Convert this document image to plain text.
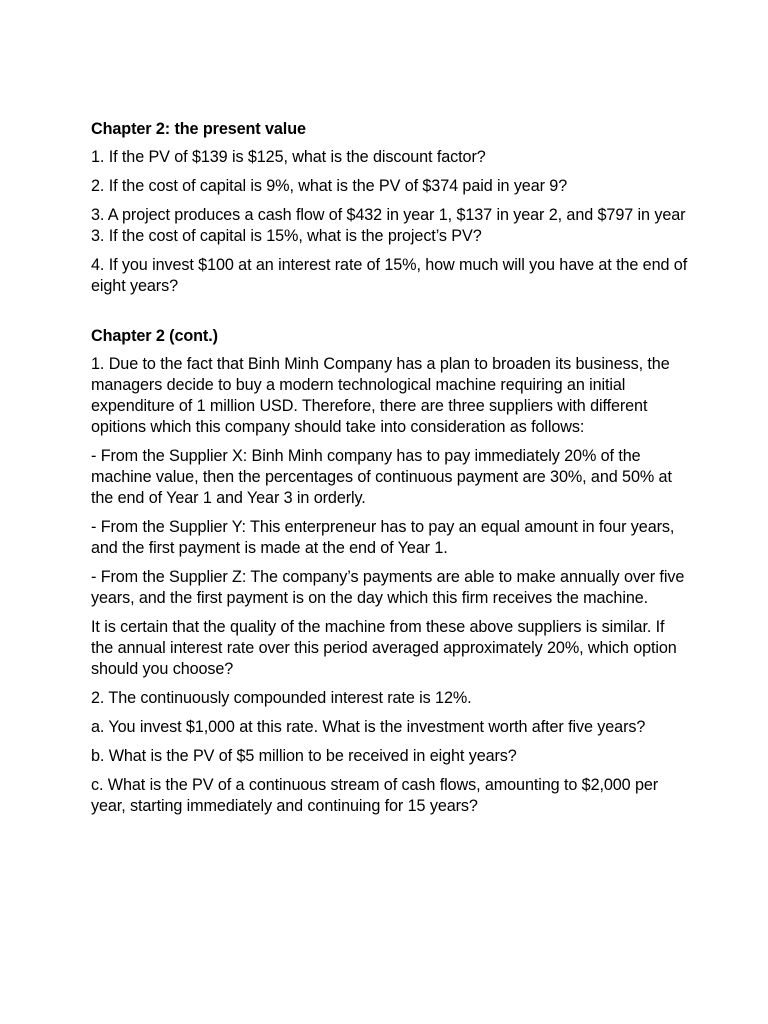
Chapter 2: the present value
1. If the PV of $139 is $125, what is the discount factor?
2. If the cost of capital is 9%, what is the PV of $374 paid in year 9?
3. A project produces a cash flow of $432 in year 1, $137 in year 2, and $797 in year 3. If the cost of capital is 15%, what is the project’s PV?
4. If you invest $100 at an interest rate of 15%, how much will you have at the end of eight years?
Chapter 2 (cont.)
1. Due to the fact that Binh Minh Company has a plan to broaden its business, the managers decide to buy a modern technological machine requiring an initial expenditure of 1 million USD. Therefore, there are three suppliers with different opitions which this company should take into consideration as follows:
- From the Supplier X: Binh Minh company has to pay immediately 20% of the machine value, then the percentages of continuous payment are 30%, and 50% at the end of Year 1 and Year 3 in orderly.
- From the Supplier Y: This enterpreneur has to pay an equal amount in four years, and the first payment is made at the end of Year 1.
- From the Supplier Z: The company’s payments are able to make annually over five years, and the first payment is on the day which this firm receives the machine.
It is certain that the quality of the machine from these above suppliers is similar. If the annual interest rate over this period averaged approximately 20%, which option should you choose?
2. The continuously compounded interest rate is 12%.
a. You invest $1,000 at this rate. What is the investment worth after five years?
b. What is the PV of $5 million to be received in eight years?
c. What is the PV of a continuous stream of cash flows, amounting to $2,000 per year, starting immediately and continuing for 15 years?
